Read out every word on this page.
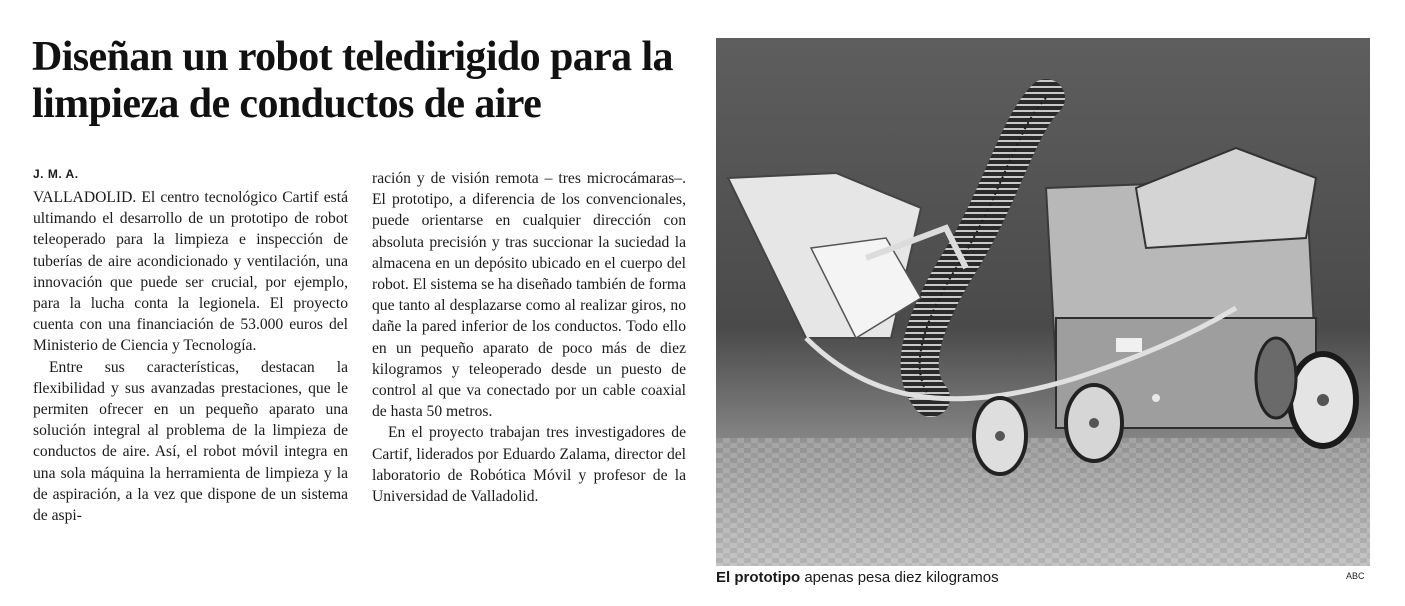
Diseñan un robot teledirigido para la limpieza de conductos de aire
J. M. A.

VALLADOLID. El centro tecnológico Cartif está ultimando el desarrollo de un prototipo de robot teleoperado para la limpieza e inspección de tuberías de aire acondicionado y ventilación, una innovación que puede ser crucial, por ejemplo, para la lucha conta la legionela. El proyecto cuenta con una financiación de 53.000 euros del Ministerio de Ciencia y Tecnología.

Entre sus características, destacan la flexibilidad y sus avanzadas prestaciones, que le permiten ofrecer en un pequeño aparato una solución integral al problema de la limpieza de conductos de aire. Así, el robot móvil integra en una sola máquina la herramienta de limpieza y la de aspiración, a la vez que dispone de un sistema de aspi-

ración y de visión remota – tres microcámaras–. El prototipo, a diferencia de los convencionales, puede orientarse en cualquier dirección con absoluta precisión y tras succionar la suciedad la almacena en un depósito ubicado en el cuerpo del robot. El sistema se ha diseñado también de forma que tanto al desplazarse como al realizar giros, no dañe la pared inferior de los conductos. Todo ello en un pequeño aparato de poco más de diez kilogramos y teleoperado desde un puesto de control al que va conectado por un cable coaxial de hasta 50 metros.

En el proyecto trabajan tres investigadores de Cartif, liderados por Eduardo Zalama, director del laboratorio de Robótica Móvil y profesor de la Universidad de Valladolid.

El prototipo apenas pesa diez kilogramos	ABC
